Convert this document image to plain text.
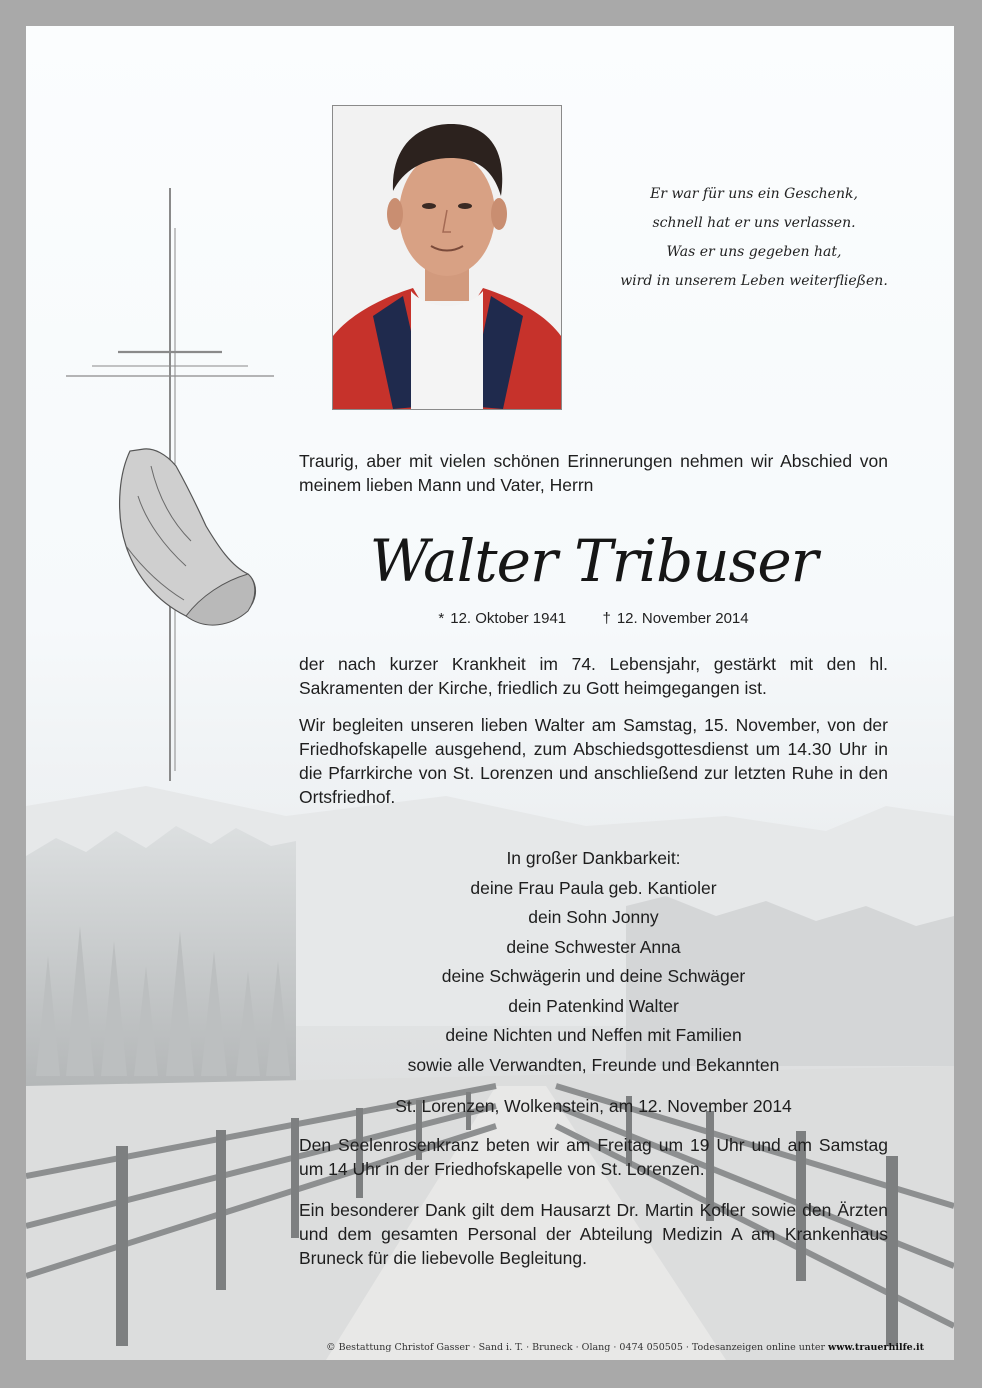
Er war für uns ein Geschenk,
schnell hat er uns verlassen.
Was er uns gegeben hat,
wird in unserem Leben weiterfließen.
Traurig, aber mit vielen schönen Erinnerungen nehmen wir Abschied von meinem lieben Mann und Vater, Herrn
Walter Tribuser
* 12. Oktober 1941 † 12. November 2014
der nach kurzer Krankheit im 74. Lebensjahr, gestärkt mit den hl. Sakramenten der Kirche, friedlich zu Gott heimgegangen ist.
Wir begleiten unseren lieben Walter am Samstag, 15. November, von der Friedhofskapelle ausgehend, zum Abschiedsgottesdienst um 14.30 Uhr in die Pfarrkirche von St. Lorenzen und anschließend zur letzten Ruhe in den Ortsfriedhof.
In großer Dankbarkeit:
deine Frau Paula geb. Kantioler
dein Sohn Jonny
deine Schwester Anna
deine Schwägerin und deine Schwäger
dein Patenkind Walter
deine Nichten und Neffen mit Familien
sowie alle Verwandten, Freunde und Bekannten
St. Lorenzen, Wolkenstein, am 12. November 2014
Den Seelenrosenkranz beten wir am Freitag um 19 Uhr und am Samstag um 14 Uhr in der Friedhofskapelle von St. Lorenzen.
Ein besonderer Dank gilt dem Hausarzt Dr. Martin Kofler sowie den Ärzten und dem gesamten Personal der Abteilung Medizin A am Krankenhaus Bruneck für die liebevolle Begleitung.
© Bestattung Christof Gasser · Sand i. T. · Bruneck · Olang · 0474 050505 · Todesanzeigen online unter www.trauerhilfe.it
